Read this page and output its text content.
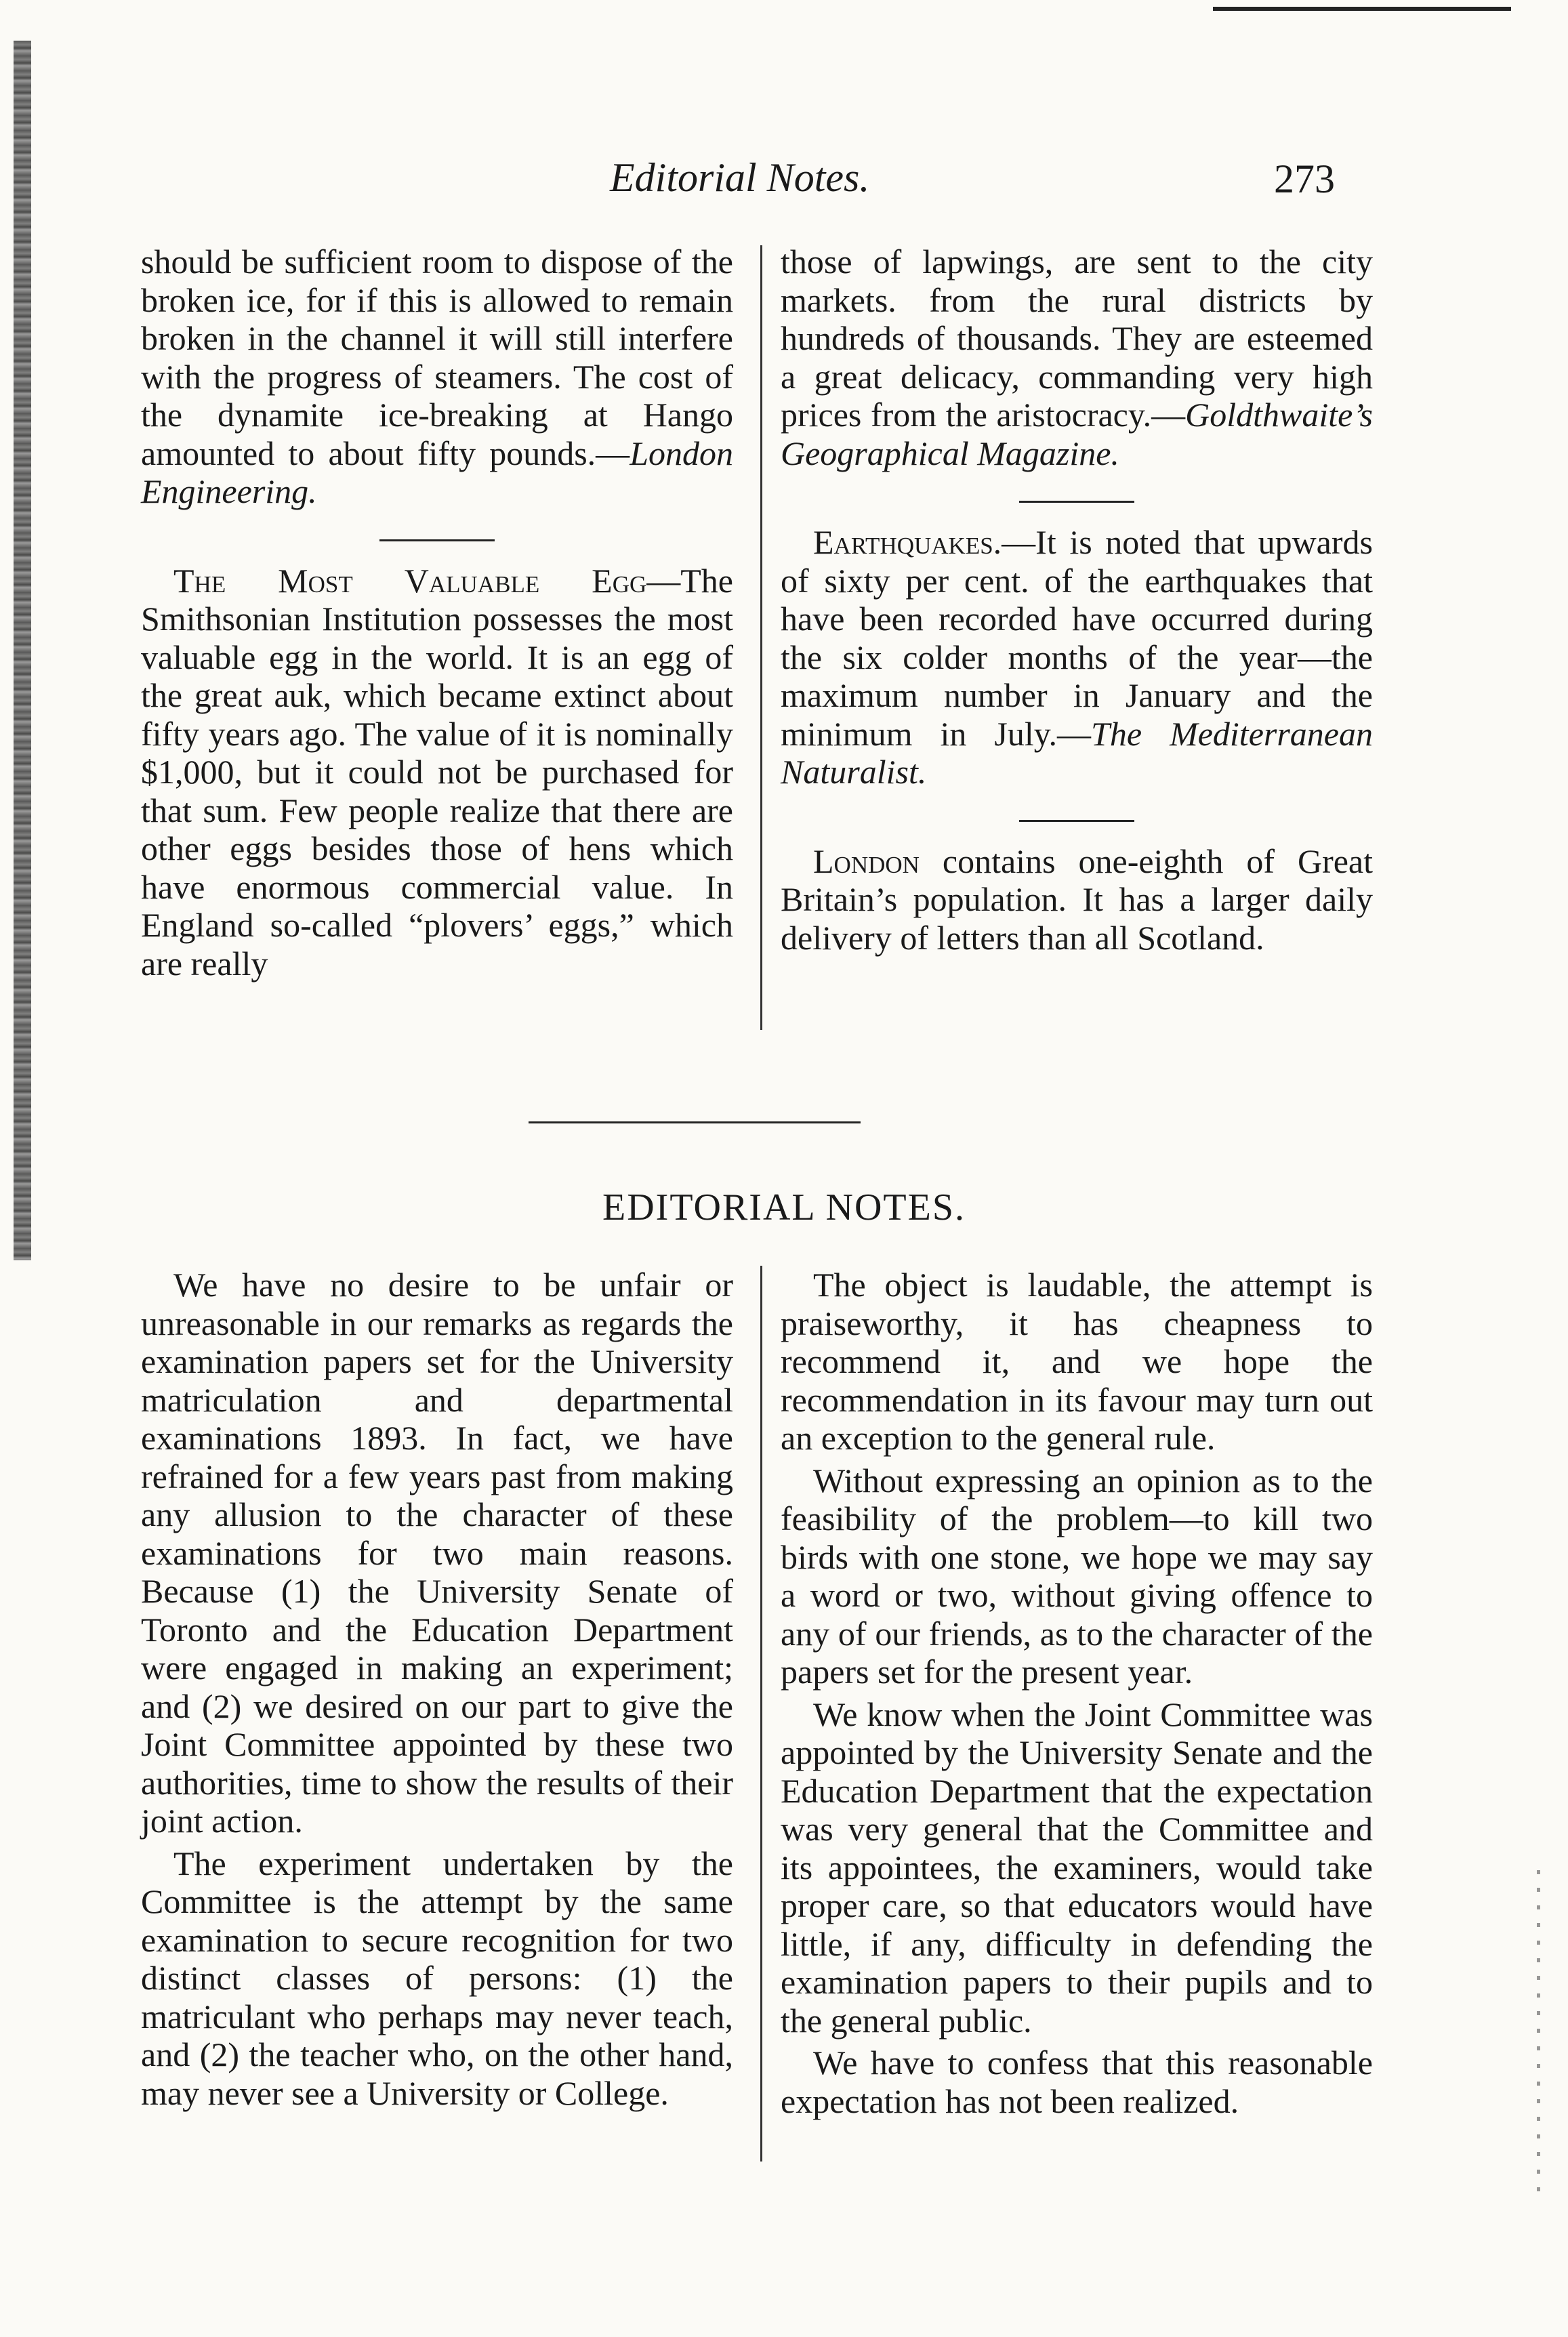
Editorial Notes.	273

should be sufficient room to dispose of the broken ice, for if this is allowed to remain broken in the channel it will still interfere with the progress of steamers. The cost of the dynamite ice-breaking at Hango amounted to about fifty pounds.—London Engineering.

The Most Valuable Egg—The Smithsonian Institution possesses the most valuable egg in the world. It is an egg of the great auk, which became extinct about fifty years ago. The value of it is nominally $1,000, but it could not be purchased for that sum. Few people realize that there are other eggs besides those of hens which have enormous commercial value. In England so-called “plovers’ eggs,” which are really

those of lapwings, are sent to the city markets. from the rural districts by hundreds of thousands. They are esteemed a great delicacy, commanding very high prices from the aristocracy.—Goldthwaite’s Geographical Magazine.

Earthquakes.—It is noted that upwards of sixty per cent. of the earthquakes that have been recorded have occurred during the six colder months of the year—the maximum number in January and the minimum in July.—The Mediterranean Naturalist.

London contains one-eighth of Great Britain’s population. It has a larger daily delivery of letters than all Scotland.

EDITORIAL NOTES.

We have no desire to be unfair or unreasonable in our remarks as regards the examination papers set for the University matriculation and departmental examinations 1893. In fact, we have refrained for a few years past from making any allusion to the character of these examinations for two main reasons. Because (1) the University Senate of Toronto and the Education Department were engaged in making an experiment; and (2) we desired on our part to give the Joint Committee appointed by these two authorities, time to show the results of their joint action.

The experiment undertaken by the Committee is the attempt by the same examination to secure recognition for two distinct classes of persons: (1) the matriculant who perhaps may never teach, and (2) the teacher who, on the other hand, may never see a University or College.

The object is laudable, the attempt is praiseworthy, it has cheapness to recommend it, and we hope the recommendation in its favour may turn out an exception to the general rule.

Without expressing an opinion as to the feasibility of the problem—to kill two birds with one stone, we hope we may say a word or two, without giving offence to any of our friends, as to the character of the papers set for the present year.

We know when the Joint Committee was appointed by the University Senate and the Education Department that the expectation was very general that the Committee and its appointees, the examiners, would take proper care, so that educators would have little, if any, difficulty in defending the examination papers to their pupils and to the general public.

We have to confess that this reasonable expectation has not been realized.
